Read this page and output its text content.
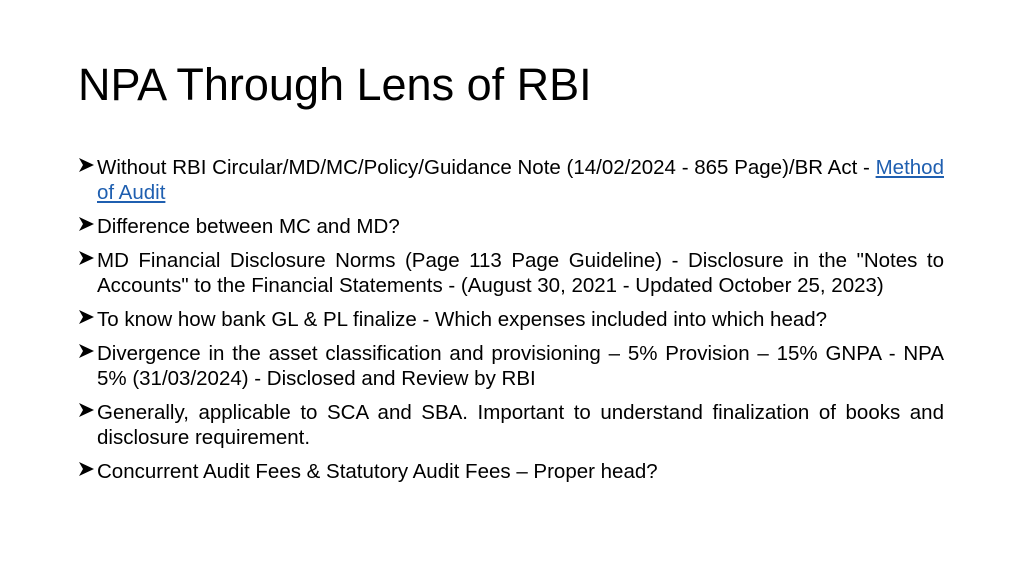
NPA Through Lens of RBI
Without RBI Circular/MD/MC/Policy/Guidance Note (14/02/2024 - 865 Page)/BR Act - Method of Audit
Difference between MC and MD?
MD Financial Disclosure Norms (Page 113 Page Guideline) - Disclosure in the "Notes to Accounts" to the Financial Statements - (August 30, 2021 - Updated October 25, 2023)
To know how bank GL & PL finalize - Which expenses included into which head?
Divergence in the asset classification and provisioning – 5% Provision – 15% GNPA - NPA 5% (31/03/2024) - Disclosed and Review by RBI
Generally, applicable to SCA and SBA. Important to understand finalization of books and disclosure requirement.
Concurrent Audit Fees & Statutory Audit Fees – Proper head?
